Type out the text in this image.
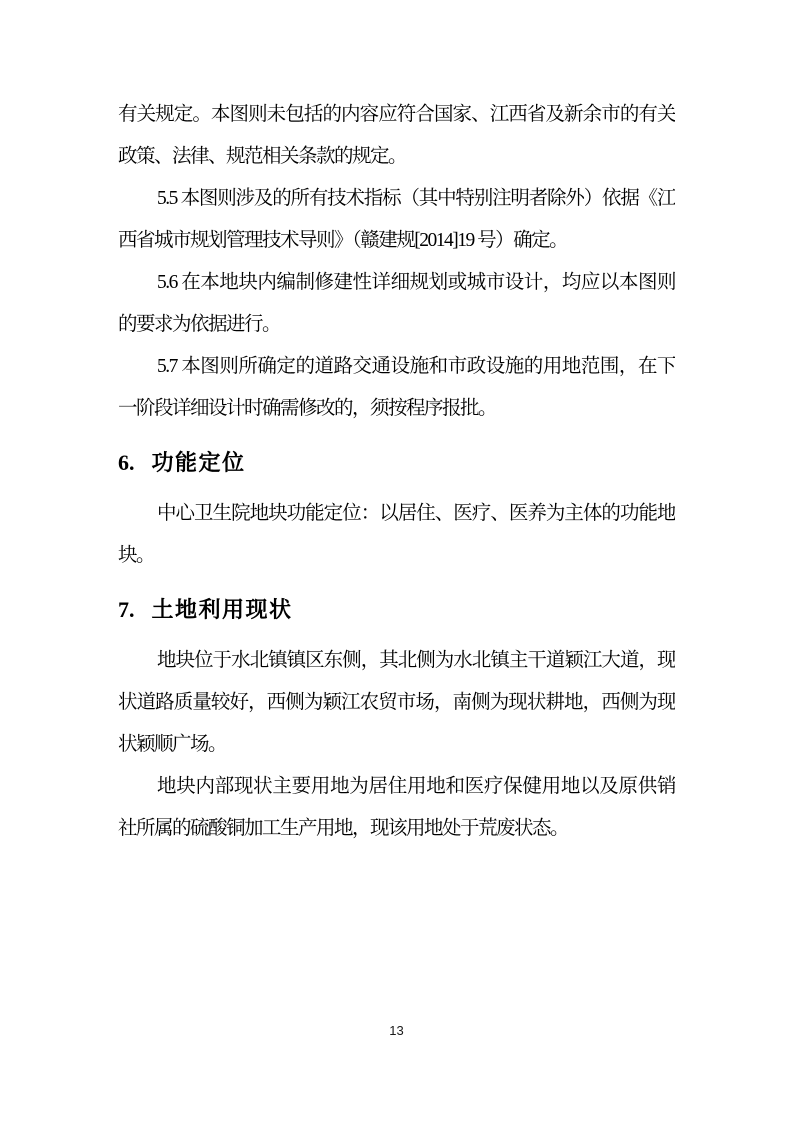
有关规定。本图则未包括的内容应符合国家、江西省及新余市的有关
政策、法律、规范相关条款的规定。
5.5 本图则涉及的所有技术指标（其中特别注明者除外）依据《江
西省城市规划管理技术导则》（赣建规[2014]19 号）确定。
5.6 在本地块内编制修建性详细规划或城市设计，均应以本图则
的要求为依据进行。
5.7 本图则所确定的道路交通设施和市政设施的用地范围，在下
一阶段详细设计时确需修改的，须按程序报批。
6. 功能定位
中心卫生院地块功能定位：以居住、医疗、医养为主体的功能地
块。
7. 土地利用现状
地块位于水北镇镇区东侧，其北侧为水北镇主干道颖江大道，现
状道路质量较好，西侧为颖江农贸市场，南侧为现状耕地，西侧为现
状颖顺广场。
地块内部现状主要用地为居住用地和医疗保健用地以及原供销
社所属的硫酸铜加工生产用地，现该用地处于荒废状态。
13
